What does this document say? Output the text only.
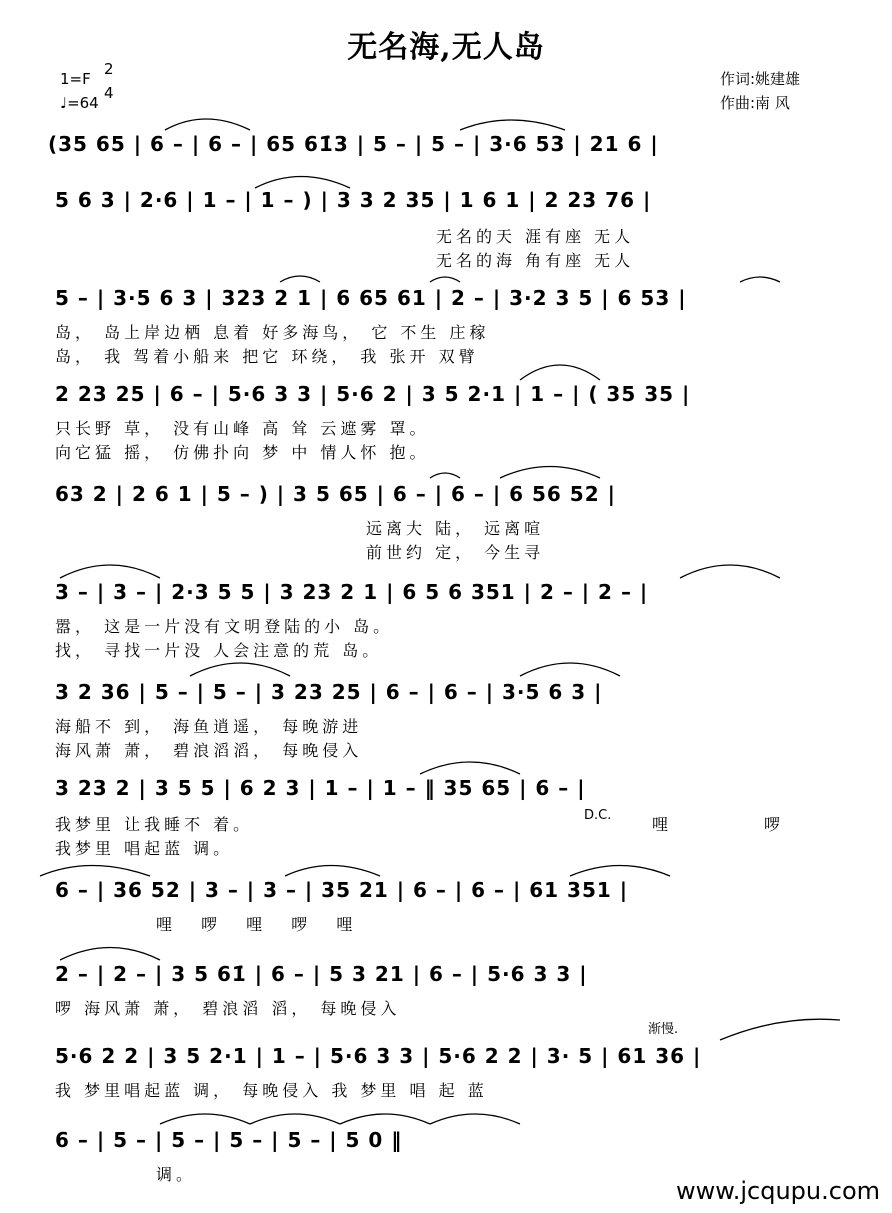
无名海,无人岛
1=F
♩=64
2
4
作词:姚建雄
作曲:南 风
(35 65 | 6 – | 6 – | 65 61̇3 | 5 – | 5 – | 3·6 53 | 21 6 |
5 6 3 | 2·6 | 1 – | 1 – ) | 3 3 2 35 | 1 6 1 | 2 23 76 |
无名的天 涯有座 无人
无名的海 角有座 无人
5 – | 3·5 6 3 | 323 2 1 | 6 65 61 | 2 – | 3·2 3 5 | 6 53 |
岛， 岛上岸边栖 息着 好多海鸟， 它 不生 庄稼
岛， 我 驾着小船来 把它 环绕， 我 张开 双臂
2 23 25 | 6 – | 5·6 3 3 | 5·6 2 | 3 5 2·1 | 1 – | ( 35 35 |
只长野 草， 没有山峰 高 耸 云遮雾 罩。
向它猛 摇， 仿佛扑向 梦 中 情人怀 抱。
63 2 | 2 6 1 | 5 – ) | 3 5 65 | 6 – | 6 – | 6 56 52 |
远离大 陆， 远离喧
前世约 定， 今生寻
3 – | 3 – | 2·3 5 5 | 3 23 2 1 | 6 5 6 351 | 2 – | 2 – |
嚣， 这是一片没有文明登陆的小 岛。
找， 寻找一片没 人会注意的荒 岛。
3 2 36 | 5 – | 5 – | 3 23 25 | 6 – | 6 – | 3·5 6 3 |
海船不 到， 海鱼逍遥， 每晚游进
海风萧 萧， 碧浪滔滔， 每晚侵入
3 23 2 | 3 5 5 | 6 2 3 | 1 – | 1 – ‖ 35 65 | 6 – |
我梦里 让我睡不 着。
我梦里 唱起蓝 调。
D.C.	哩	啰
6 – | 36 52 | 3 – | 3 – | 35 21 | 6 – | 6 – | 61 351 |
哩 啰 哩 啰 哩
2 – | 2 – | 3 5 61̇ | 6 – | 5 3 21 | 6 – | 5·6 3 3 |
啰 海风萧 萧， 碧浪滔 滔， 每晚侵入
渐慢.
5·6 2 2 | 3 5 2·1 | 1 – | 5·6 3 3 | 5·6 2 2 | 3· 5 | 61 36 |
我 梦里唱起蓝 调， 每晚侵入 我 梦里 唱 起 蓝
6 – | 5 – | 5 – | 5 – | 5 – | 5 0 ‖
调。
www.jcqupu.com
